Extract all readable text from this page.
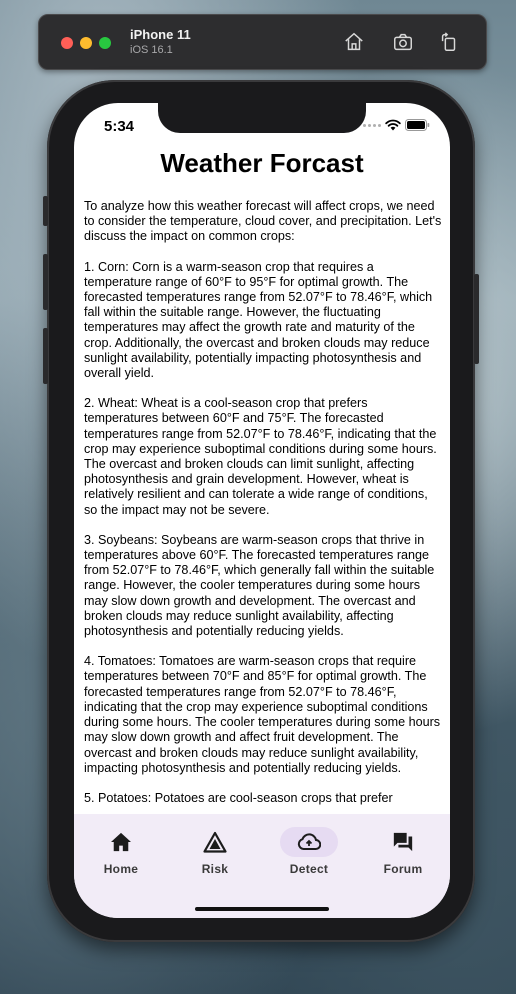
iPhone 11
iOS 16.1
5:34
Weather Forcast

To analyze how this weather forecast will affect crops, we need to consider the temperature, cloud cover, and precipitation. Let's discuss the impact on common crops:

1. Corn: Corn is a warm-season crop that requires a temperature range of 60°F to 95°F for optimal growth. The forecasted temperatures range from 52.07°F to 78.46°F, which fall within the suitable range. However, the fluctuating temperatures may affect the growth rate and maturity of the crop. Additionally, the overcast and broken clouds may reduce sunlight availability, potentially impacting photosynthesis and overall yield.

2. Wheat: Wheat is a cool-season crop that prefers temperatures between 60°F and 75°F. The forecasted temperatures range from 52.07°F to 78.46°F, indicating that the crop may experience suboptimal conditions during some hours. The overcast and broken clouds can limit sunlight, affecting photosynthesis and grain development. However, wheat is relatively resilient and can tolerate a wide range of conditions, so the impact may not be severe.

3. Soybeans: Soybeans are warm-season crops that thrive in temperatures above 60°F. The forecasted temperatures range from 52.07°F to 78.46°F, which generally fall within the suitable range. However, the cooler temperatures during some hours may slow down growth and development. The overcast and broken clouds may reduce sunlight availability, affecting photosynthesis and potentially reducing yields.

4. Tomatoes: Tomatoes are warm-season crops that require temperatures between 70°F and 85°F for optimal growth. The forecasted temperatures range from 52.07°F to 78.46°F, indicating that the crop may experience suboptimal conditions during some hours. The cooler temperatures during some hours may slow down growth and affect fruit development. The overcast and broken clouds may reduce sunlight availability, impacting photosynthesis and potentially reducing yields.

5. Potatoes: Potatoes are cool-season crops that prefer

Home	Risk	Detect	Forum
